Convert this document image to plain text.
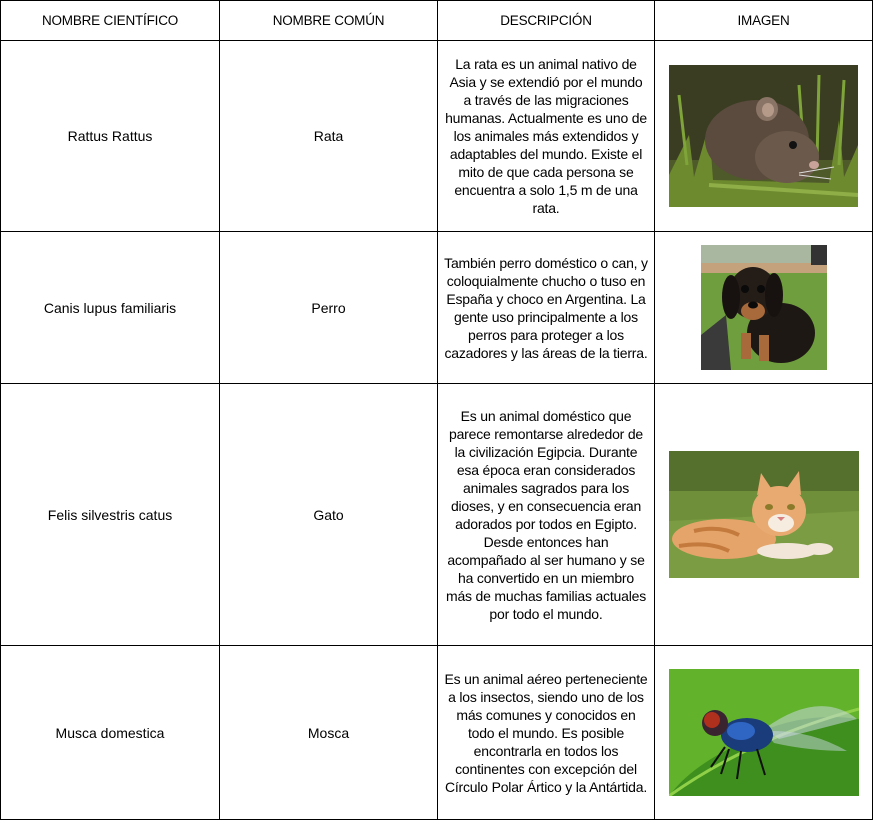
NOMBRE CIENTÍFICO	NOMBRE COMÚN	DESCRIPCIÓN	IMAGEN
Rattus Rattus	Rata	La rata es un animal nativo de Asia y se extendió por el mundo a través de las migraciones humanas. Actualmente es uno de los animales más extendidos y adaptables del mundo. Existe el mito de que cada persona se encuentra a solo 1,5 m de una rata.	

Canis lupus familiaris	Perro	También perro doméstico o can, y coloquialmente chucho o tuso en España y choco en Argentina. La gente uso principalmente a los perros para proteger a los cazadores y las áreas de la tierra.	

Felis silvestris catus	Gato	Es un animal doméstico que parece remontarse alrededor de la civilización Egipcia. Durante esa época eran considerados animales sagrados para los dioses, y en consecuencia eran adorados por todos en Egipto. Desde entonces han acompañado al ser humano y se ha convertido en un miembro más de muchas familias actuales por todo el mundo.	

Musca domestica	Mosca	Es un animal aéreo perteneciente a los insectos, siendo uno de los más comunes y conocidos en todo el mundo. Es posible encontrarla en todos los continentes con excepción del Círculo Polar Ártico y la Antártida.	
